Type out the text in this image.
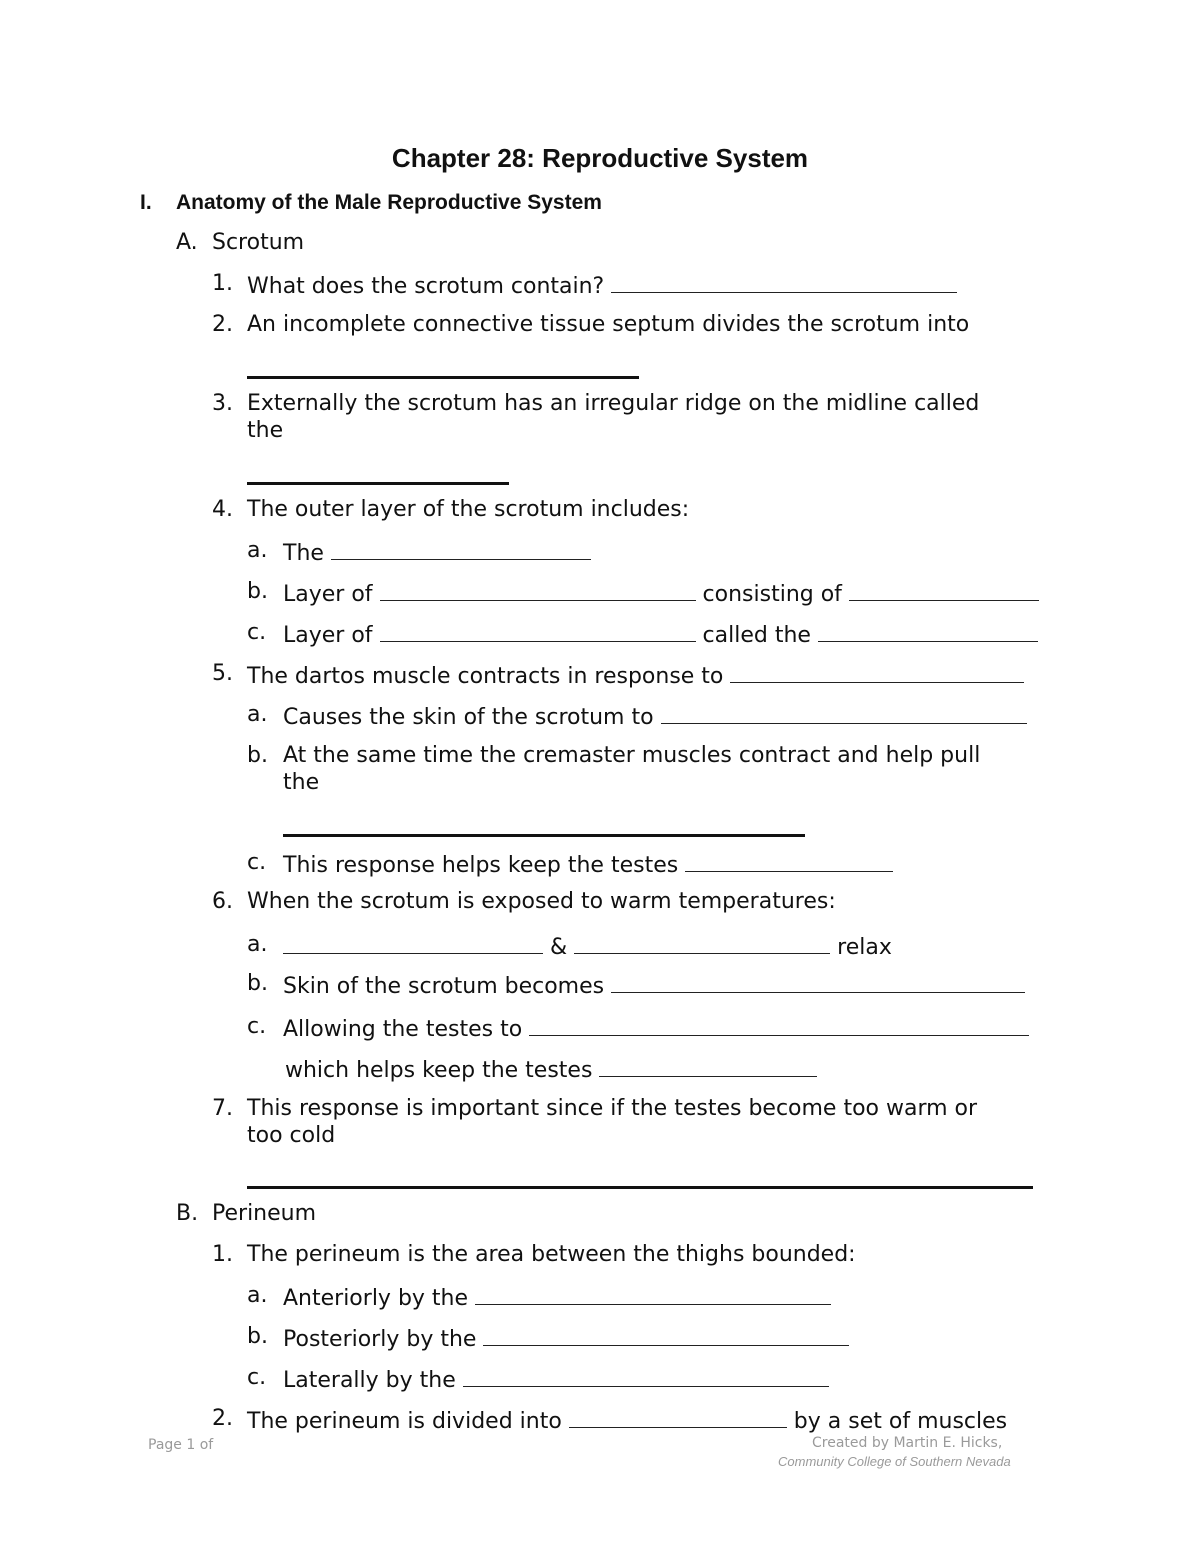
Chapter 28: Reproductive System
I. Anatomy of the Male Reproductive System
A. Scrotum
1. What does the scrotum contain?
2. An incomplete connective tissue septum divides the scrotum into
3. Externally the scrotum has an irregular ridge on the midline called
the
4. The outer layer of the scrotum includes:
a. The
b. Layer of	consisting of
c. Layer of	called the
5. The dartos muscle contracts in response to
a. Causes the skin of the scrotum to
b. At the same time the cremaster muscles contract and help pull
the
c. This response helps keep the testes
6. When the scrotum is exposed to warm temperatures:
a.	&	relax
b. Skin of the scrotum becomes
c. Allowing the testes to
which helps keep the testes
7. This response is important since if the testes become too warm or
too cold
B. Perineum
1. The perineum is the area between the thighs bounded:
a. Anteriorly by the
b. Posteriorly by the
c. Laterally by the
2. The perineum is divided into	by a set of muscles
Page 1 of	Created by Martin E. Hicks,
Community College of Southern Nevada
